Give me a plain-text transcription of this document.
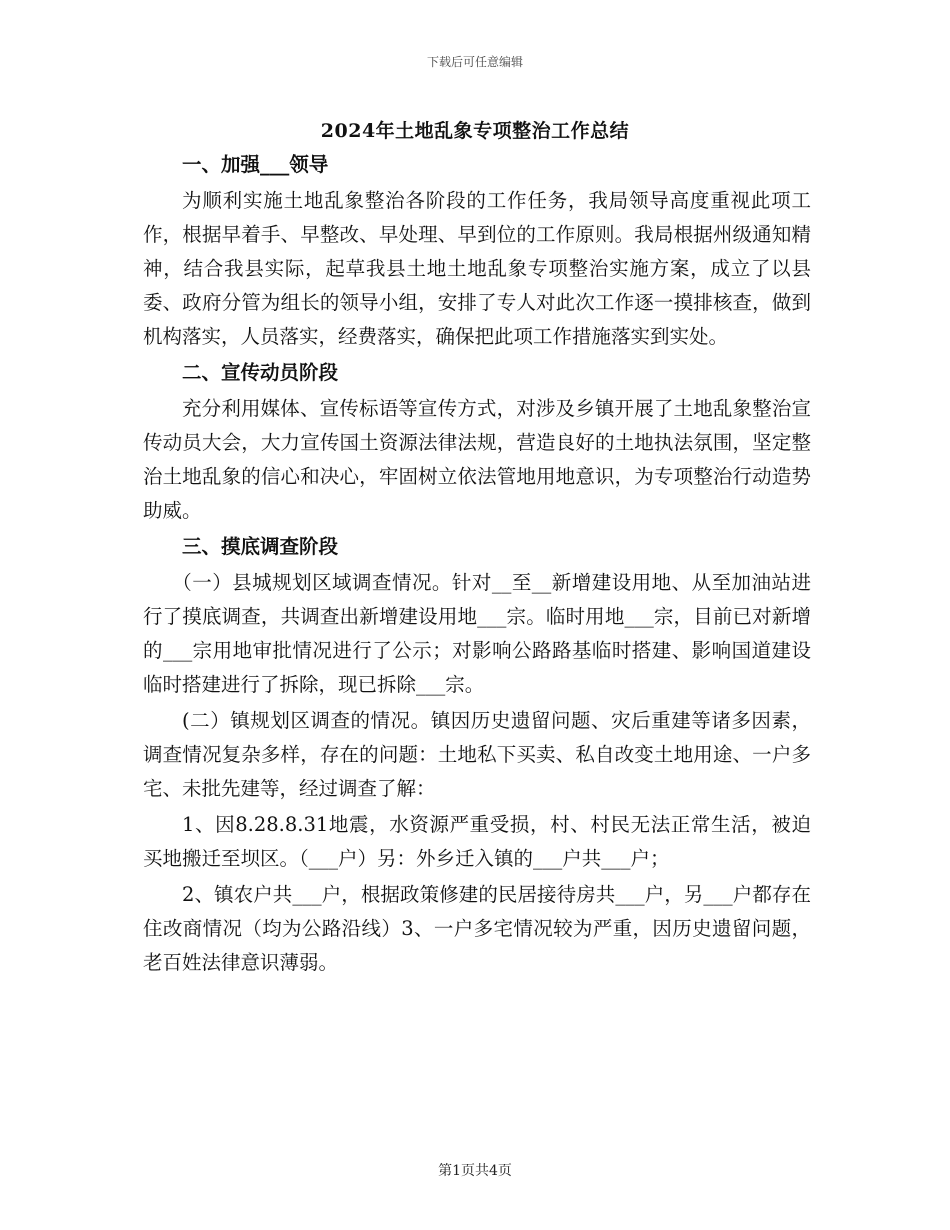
下载后可任意编辑
2024年土地乱象专项整治工作总结
一、加强___领导

为顺利实施土地乱象整治各阶段的工作任务，我局领导高度重视此项工作，根据早着手、早整改、早处理、早到位的工作原则。我局根据州级通知精神，结合我县实际，起草我县土地土地乱象专项整治实施方案，成立了以县委、政府分管为组长的领导小组，安排了专人对此次工作逐一摸排核查，做到机构落实，人员落实，经费落实，确保把此项工作措施落实到实处。

二、宣传动员阶段

充分利用媒体、宣传标语等宣传方式，对涉及乡镇开展了土地乱象整治宣传动员大会，大力宣传国土资源法律法规，营造良好的土地执法氛围，坚定整治土地乱象的信心和决心，牢固树立依法管地用地意识，为专项整治行动造势助威。

三、摸底调查阶段

（一）县城规划区域调查情况。针对__至__新增建设用地、从至加油站进行了摸底调查，共调查出新增建设用地___宗。临时用地___宗，目前已对新增的___宗用地审批情况进行了公示；对影响公路路基临时搭建、影响国道建设临时搭建进行了拆除，现已拆除___宗。

(二）镇规划区调查的情况。镇因历史遗留问题、灾后重建等诸多因素，调查情况复杂多样，存在的问题：土地私下买卖、私自改变土地用途、一户多宅、未批先建等，经过调查了解：

1、因8.28.8.31地震，水资源严重受损，村、村民无法正常生活，被迫买地搬迁至坝区。（___户）另：外乡迁入镇的___户共___户；

2、镇农户共___户，根据政策修建的民居接待房共___户，另___户都存在住改商情况（均为公路沿线）3、一户多宅情况较为严重，因历史遗留问题，老百姓法律意识薄弱。

第1页共4页
